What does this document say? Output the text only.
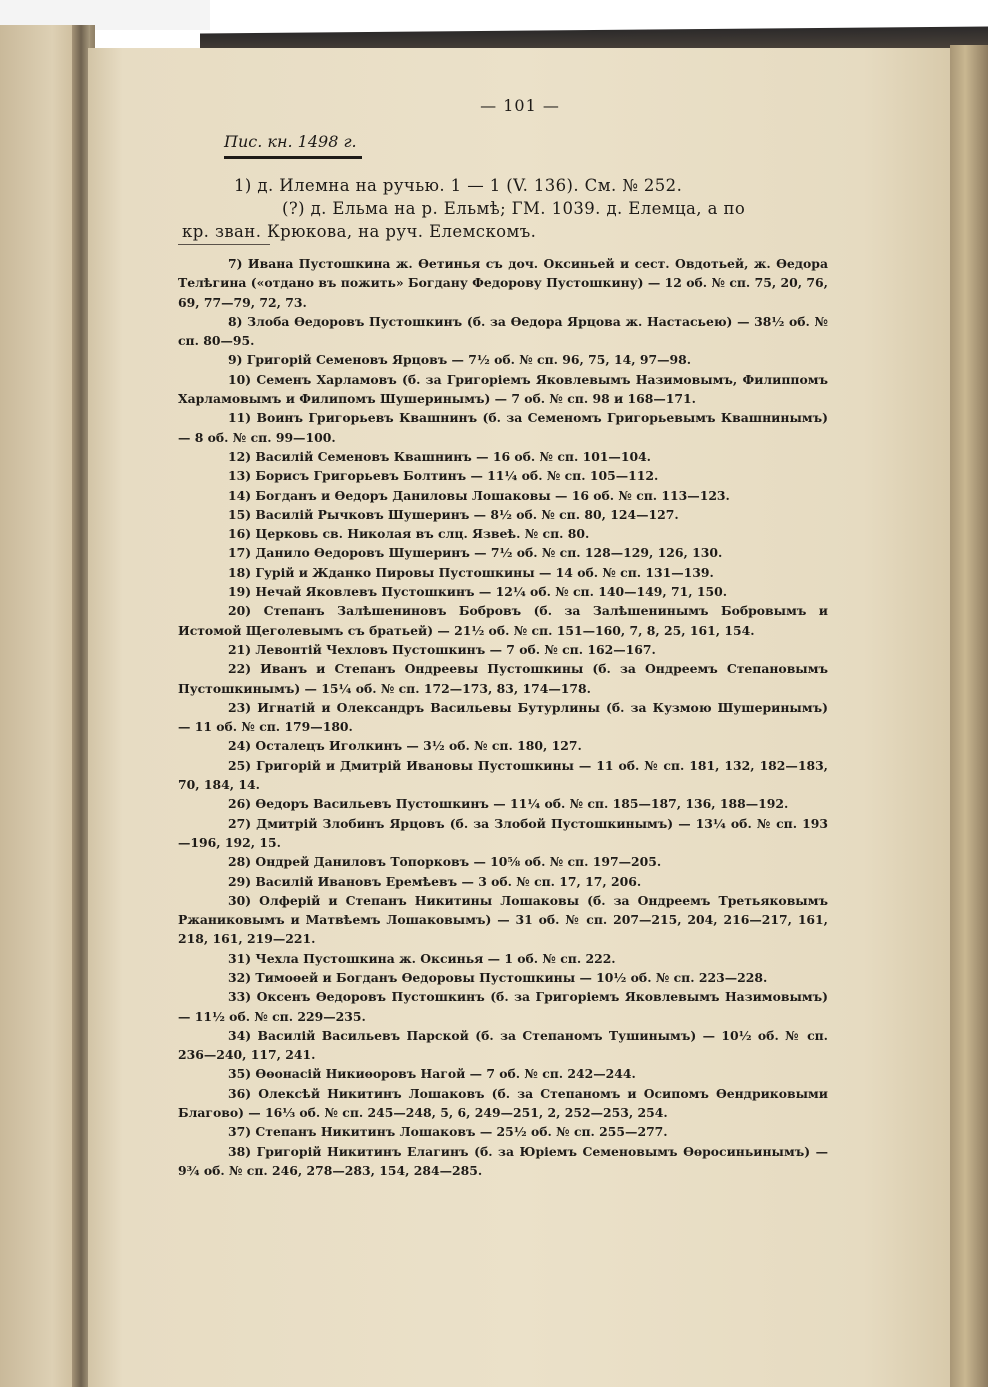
— 101 —
Пис. кн. 1498 г.
1) д. Илемна на ручью. 1 — 1 (V. 136). См. № 252.
(?) д. Ельма на р. Ельмѣ; ГМ. 1039. д. Елемца, а по
кр. зван. Крюкова, на руч. Елемскомъ.
7) Ивана Пустошкина ж. Өетинья съ доч. Оксиньей и сест. Овдотьей, ж. Өедора Телѣгина («отдано въ пожить» Богдану Федорову Пустошкину) — 12 об. № сп. 75, 20, 76, 69, 77—79, 72, 73.
8) Злоба Өедоровъ Пустошкинъ (б. за Өедора Ярцова ж. Настасьею) — 38½ об. № сп. 80—95.
9) Григорій Семеновъ Ярцовъ — 7½ об. № сп. 96, 75, 14, 97—98.
10) Семенъ Харламовъ (б. за Григоріемъ Яковлевымъ Назимовымъ, Филиппомъ Харламовымъ и Филипомъ Шушеринымъ) — 7 об. № сп. 98 и 168—171.
11) Воинъ Григорьевъ Квашнинъ (б. за Семеномъ Григорьевымъ Квашнинымъ) — 8 об. № сп. 99—100.
12) Василій Семеновъ Квашнинъ — 16 об. № сп. 101—104.
13) Борисъ Григорьевъ Болтинъ — 11¼ об. № сп. 105—112.
14) Богданъ и Өедоръ Даниловы Лошаковы — 16 об. № сп. 113—123.
15) Василій Рычковъ Шушеринъ — 8½ об. № сп. 80, 124—127.
16) Церковь св. Николая въ слц. Язвеѣ. № сп. 80.
17) Данило Өедоровъ Шушеринъ — 7½ об. № сп. 128—129, 126, 130.
18) Гурій и Жданко Пировы Пустошкины — 14 об. № сп. 131—139.
19) Нечай Яковлевъ Пустошкинъ — 12¼ об. № сп. 140—149, 71, 150.
20) Степанъ Залѣшениновъ Бобровъ (б. за Залѣшенинымъ Бобровымъ и Истомой Щеголевымъ съ братьей) — 21½ об. № сп. 151—160, 7, 8, 25, 161, 154.
21) Левонтій Чехловъ Пустошкинъ — 7 об. № сп. 162—167.
22) Иванъ и Степанъ Ондреевы Пустошкины (б. за Ондреемъ Степановымъ Пустошкинымъ) — 15¼ об. № сп. 172—173, 83, 174—178.
23) Игнатій и Олександръ Васильевы Бутурлины (б. за Кузмою Шушеринымъ) — 11 об. № сп. 179—180.
24) Осталецъ Иголкинъ — 3½ об. № сп. 180, 127.
25) Григорій и Дмитрій Ивановы Пустошкины — 11 об. № сп. 181, 132, 182—183, 70, 184, 14.
26) Өедоръ Васильевъ Пустошкинъ — 11¼ об. № сп. 185—187, 136, 188—192.
27) Дмитрій Злобинъ Ярцовъ (б. за Злобой Пустошкинымъ) — 13¼ об. № сп. 193—196, 192, 15.
28) Ондрей Даниловъ Топорковъ — 10⅝ об. № сп. 197—205.
29) Василій Ивановъ Еремѣевъ — 3 об. № сп. 17, 17, 206.
30) Олферій и Степанъ Никитины Лошаковы (б. за Ондреемъ Третьяковымъ Ржаниковымъ и Матвѣемъ Лошаковымъ) — 31 об. № сп. 207—215, 204, 216—217, 161, 218, 161, 219—221.
31) Чехла Пустошкина ж. Оксинья — 1 об. № сп. 222.
32) Тимоөей и Богданъ Өедоровы Пустошкины — 10½ об. № сп. 223—228.
33) Оксенъ Өедоровъ Пустошкинъ (б. за Григоріемъ Яковлевымъ Назимовымъ) — 11½ об. № сп. 229—235.
34) Василій Васильевъ Парской (б. за Степаномъ Тушинымъ) — 10½ об. № сп. 236—240, 117, 241.
35) Өөонасій Никиөоровъ Нагой — 7 об. № сп. 242—244.
36) Олексѣй Никитинъ Лошаковъ (б. за Степаномъ и Осипомъ Өендриковыми Благово) — 16⅓ об. № сп. 245—248, 5, 6, 249—251, 2, 252—253, 254.
37) Степанъ Никитинъ Лошаковъ — 25½ об. № сп. 255—277.
38) Григорій Никитинъ Елагинъ (б. за Юріемъ Семеновымъ Өөросиньинымъ) — 9¾ об. № сп. 246, 278—283, 154, 284—285.
